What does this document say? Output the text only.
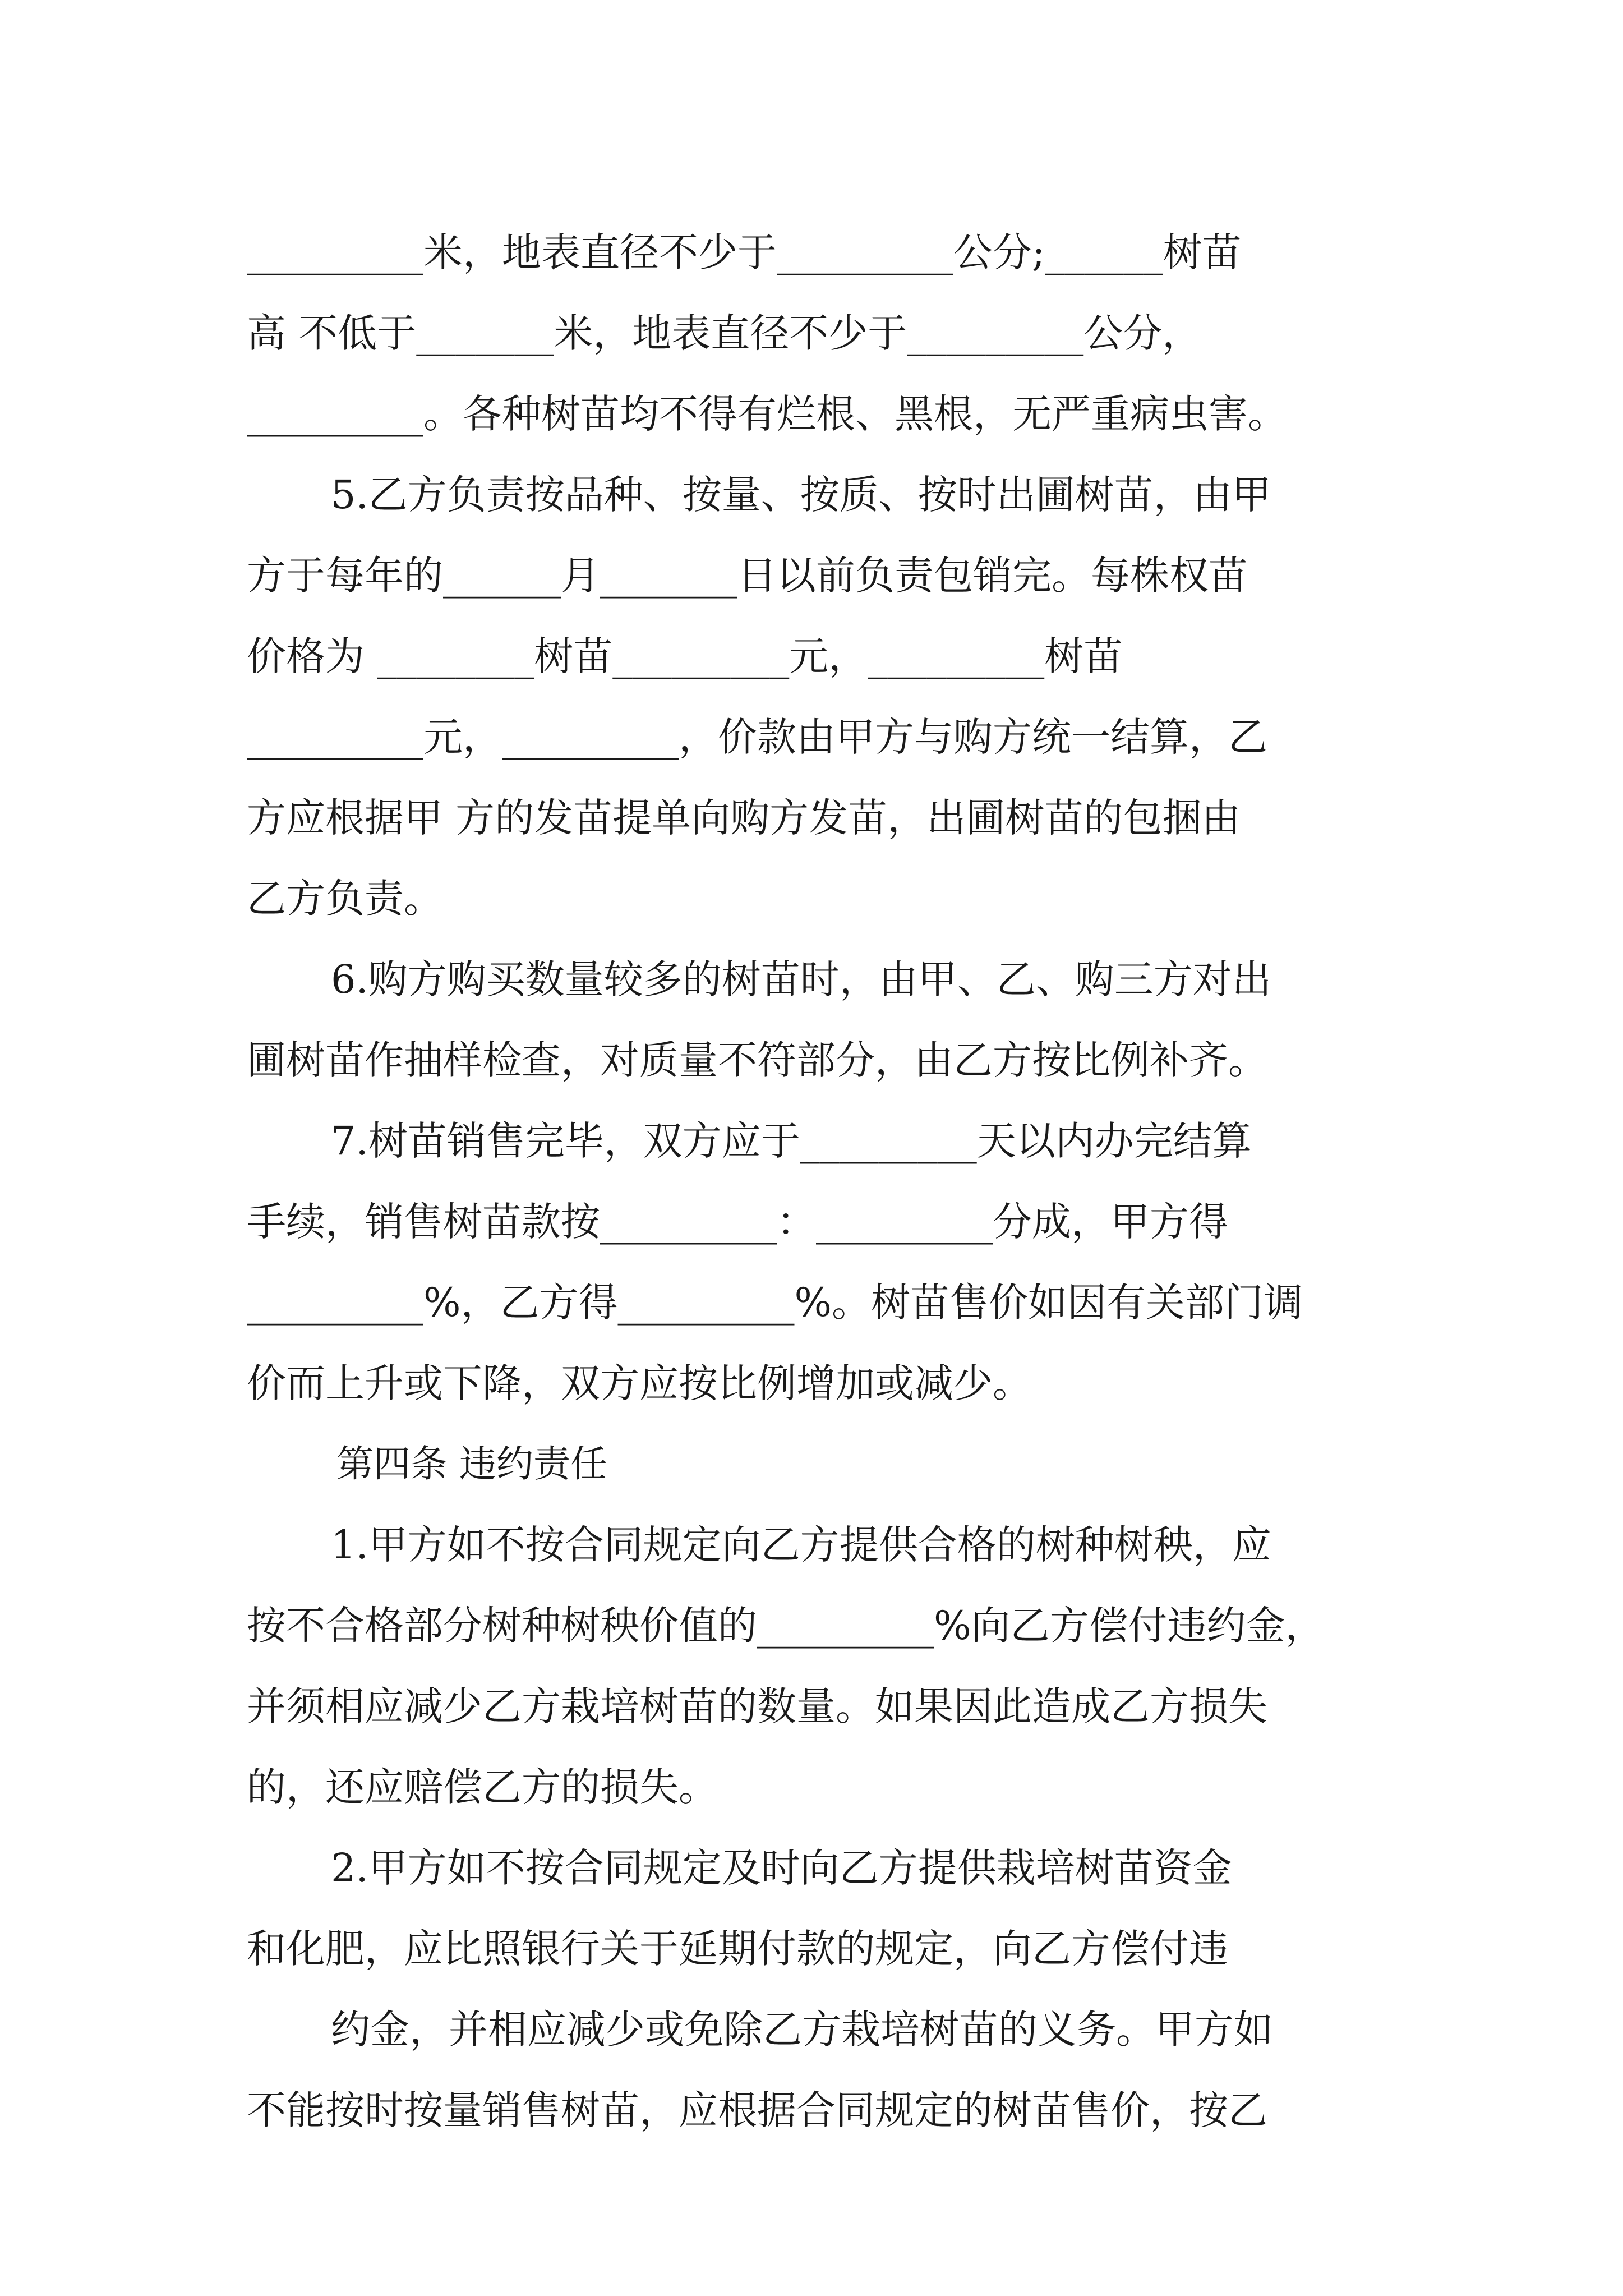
_________米，地表直径不少于_________公分;______树苗
高 不低于_______米，地表直径不少于_________公分，
_________。各种树苗均不得有烂根、黑根，无严重病虫害。
5.乙方负责按品种、按量、按质、按时出圃树苗，由甲
方于每年的______月_______日以前负责包销完。每株权苗
价格为 ________树苗_________元，_________树苗
_________元，_________，价款由甲方与购方统一结算，乙
方应根据甲 方的发苗提单向购方发苗，出圃树苗的包捆由
乙方负责。
6.购方购买数量较多的树苗时，由甲、乙、购三方对出
圃树苗作抽样检查，对质量不符部分，由乙方按比例补齐。
7.树苗销售完毕，双方应于_________天以内办完结算
手续，销售树苗款按_________：_________分成，甲方得
_________%，乙方得_________%。树苗售价如因有关部门调
价而上升或下降，双方应按比例增加或减少。
第四条 违约责任
1.甲方如不按合同规定向乙方提供合格的树种树秧，应
按不合格部分树种树秧价值的_________%向乙方偿付违约金，
并须相应减少乙方栽培树苗的数量。如果因此造成乙方损失
的，还应赔偿乙方的损失。
2.甲方如不按合同规定及时向乙方提供栽培树苗资金
和化肥，应比照银行关于延期付款的规定，向乙方偿付违
约金，并相应减少或免除乙方栽培树苗的义务。甲方如
不能按时按量销售树苗，应根据合同规定的树苗售价，按乙
